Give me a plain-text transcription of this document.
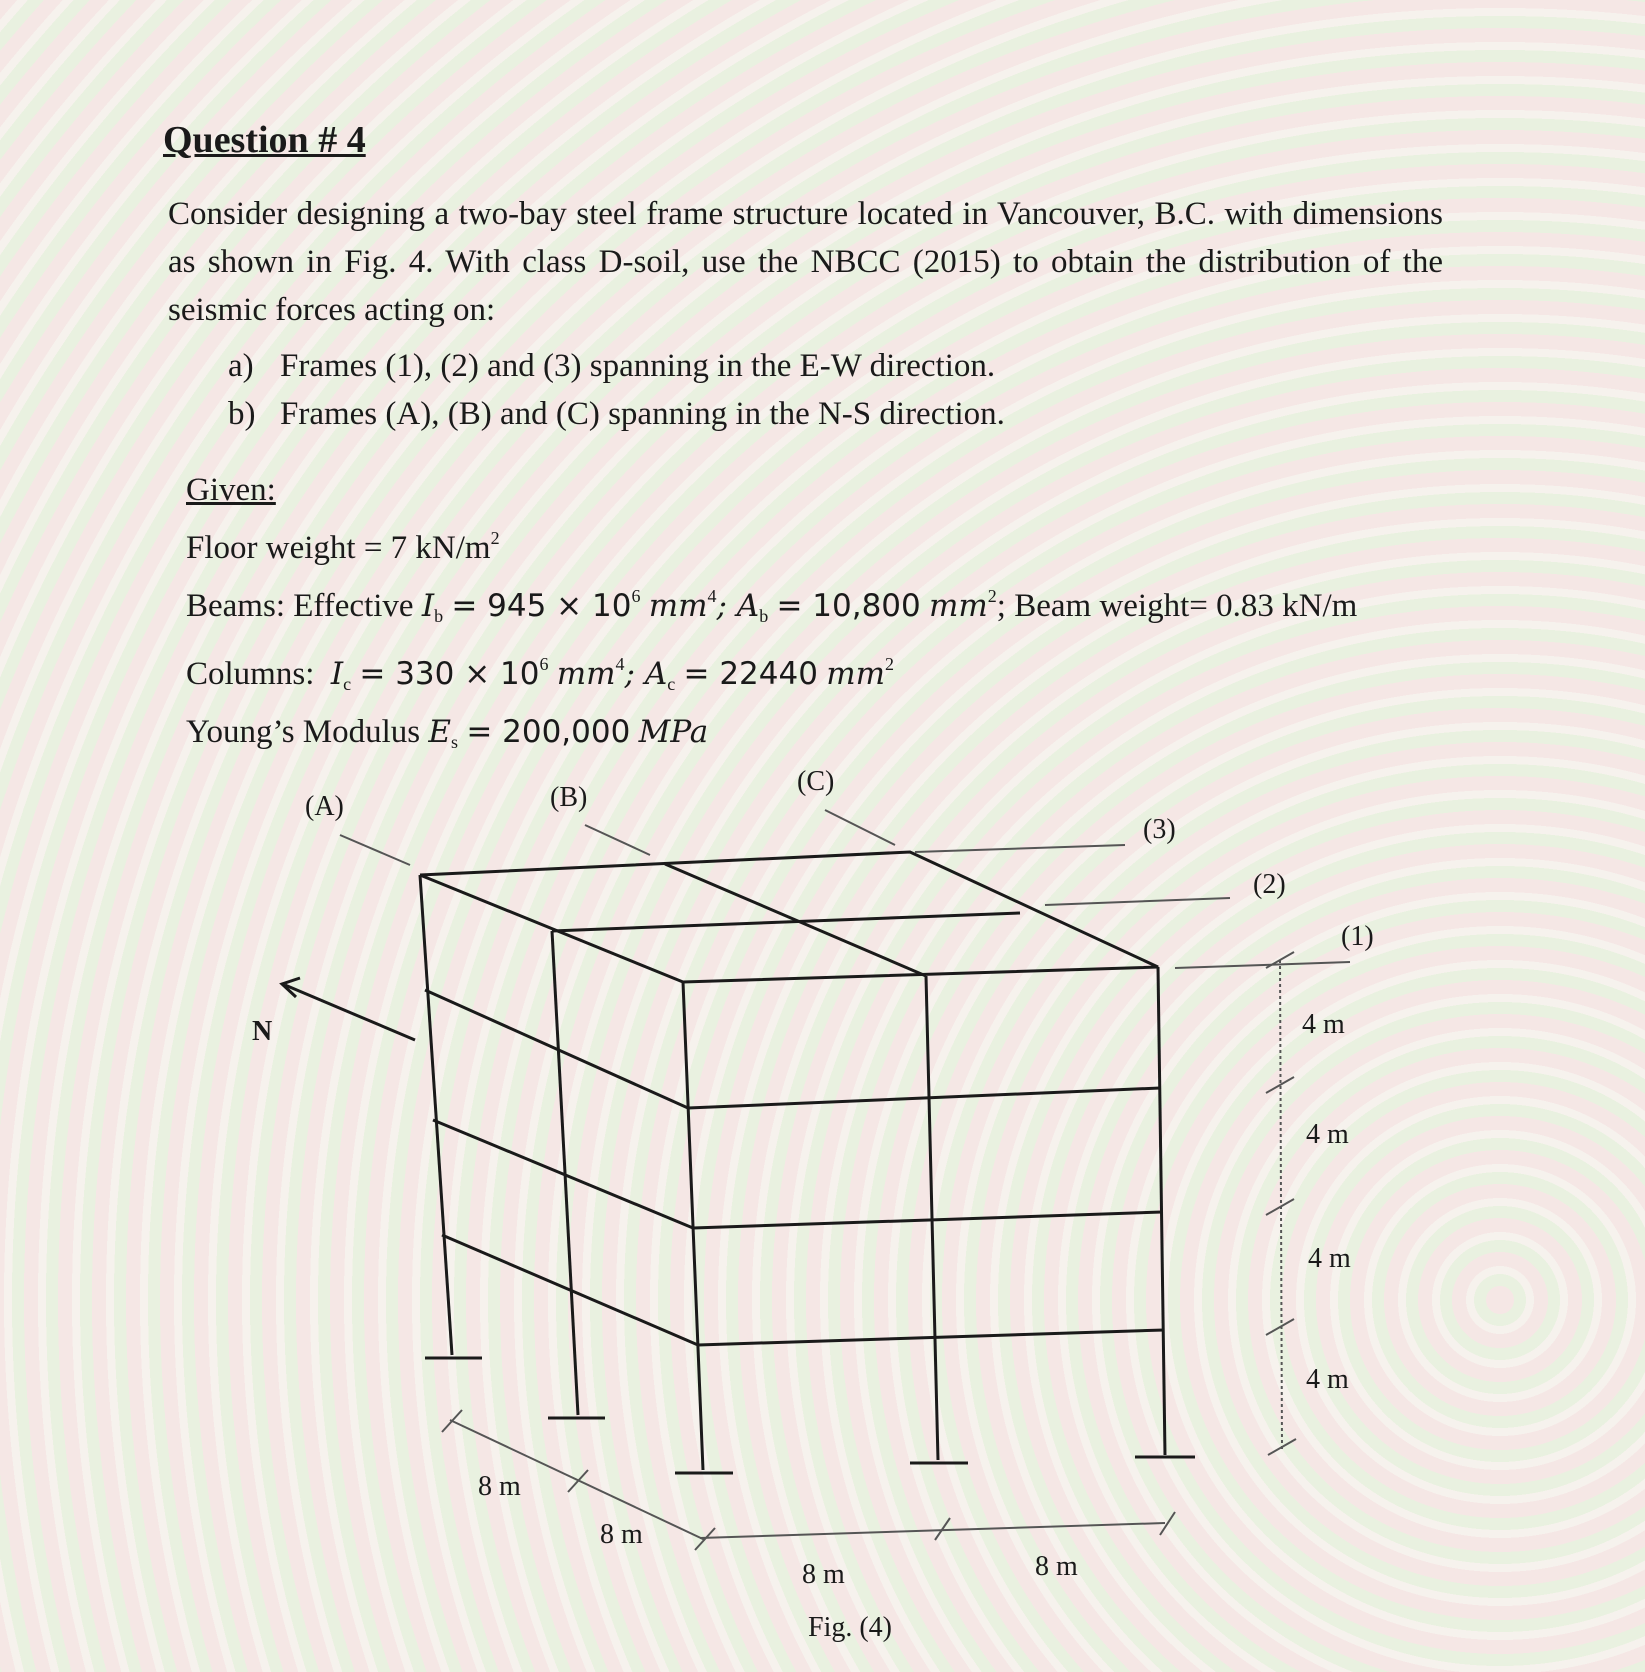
Question # 4
Consider designing a two-bay steel frame structure located in Vancouver, B.C. with dimensions as shown in Fig. 4. With class D-soil, use the NBCC (2015) to obtain the distribution of the seismic forces acting on:
a) Frames (1), (2) and (3) spanning in the E-W direction.
b) Frames (A), (B) and (C) spanning in the N-S direction.
Given:
Floor weight = 7 $kN/m^2$
Beams: Effective $I_b = 945 \times 10^6$ $mm^4$; $A_b = 10,800$ $mm^2$; Beam weight= 0.83 kN/m
Columns: $I_c = 330 \times 10^6$ $mm^4$; $A_c = 22440$ $mm^2$
Young’s Modulus $E_s = 200,000$ MPa
(A)	(B)
(C)
(3)
(2)
(1)
N	4 m
4 m
4 m
4 m
8 m
8 m
8 m	8 m
Fig. (4)
